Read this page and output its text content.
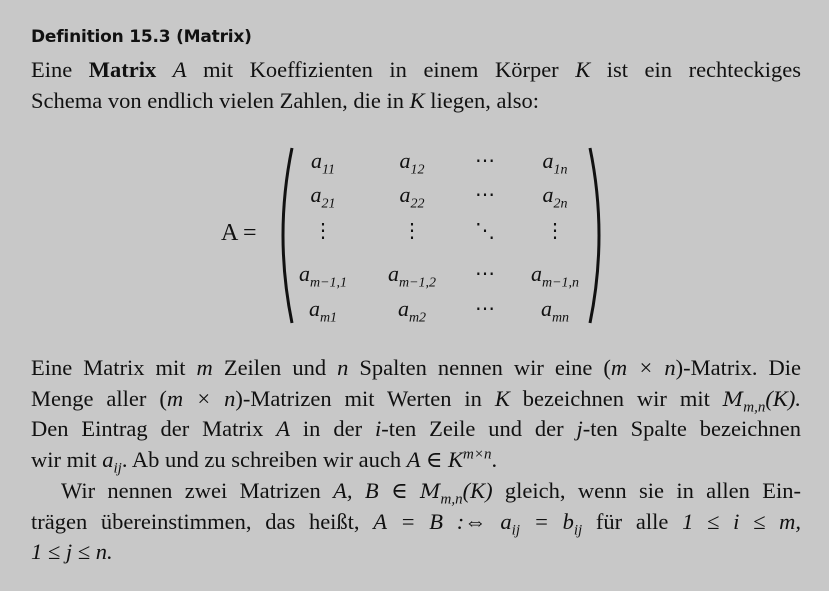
Definition 15.3 (Matrix)
Eine Matrix A mit Koeffizienten in einem Körper K ist ein rechteckiges
Schema von endlich vielen Zahlen, die in K liegen, also:
A =
$a_{11}$	$a_{12}$	⋯	$a_{1n}$
$a_{21}$	$a_{22}$	⋯	$a_{2n}$
⋮	⋮	⋱	⋮
$a_{m-1,1}$	$a_{m-1,2}$	⋯	$a_{m-1,n}$
$a_{m1}$	$a_{m2}$	⋯	$a_{mn}$
Eine Matrix mit m Zeilen und n Spalten nennen wir eine (m × n)-Matrix. Die
Menge aller (m × n)-Matrizen mit Werten in K bezeichnen wir mit $M_{m,n}(K)$.
Den Eintrag der Matrix A in der i-ten Zeile und der j-ten Spalte bezeichnen
wir mit $a_{ij}$. Ab und zu schreiben wir auch A ∈ $K^{m\times n}$.
Wir nennen zwei Matrizen A, B ∈ $M_{m,n}(K)$ gleich, wenn sie in allen Ein-
trägen übereinstimmen, das heißt, A = B :⇔ $a_{ij} = b_{ij}$ für alle 1 ≤ i ≤ m,
1 ≤ j ≤ n.
